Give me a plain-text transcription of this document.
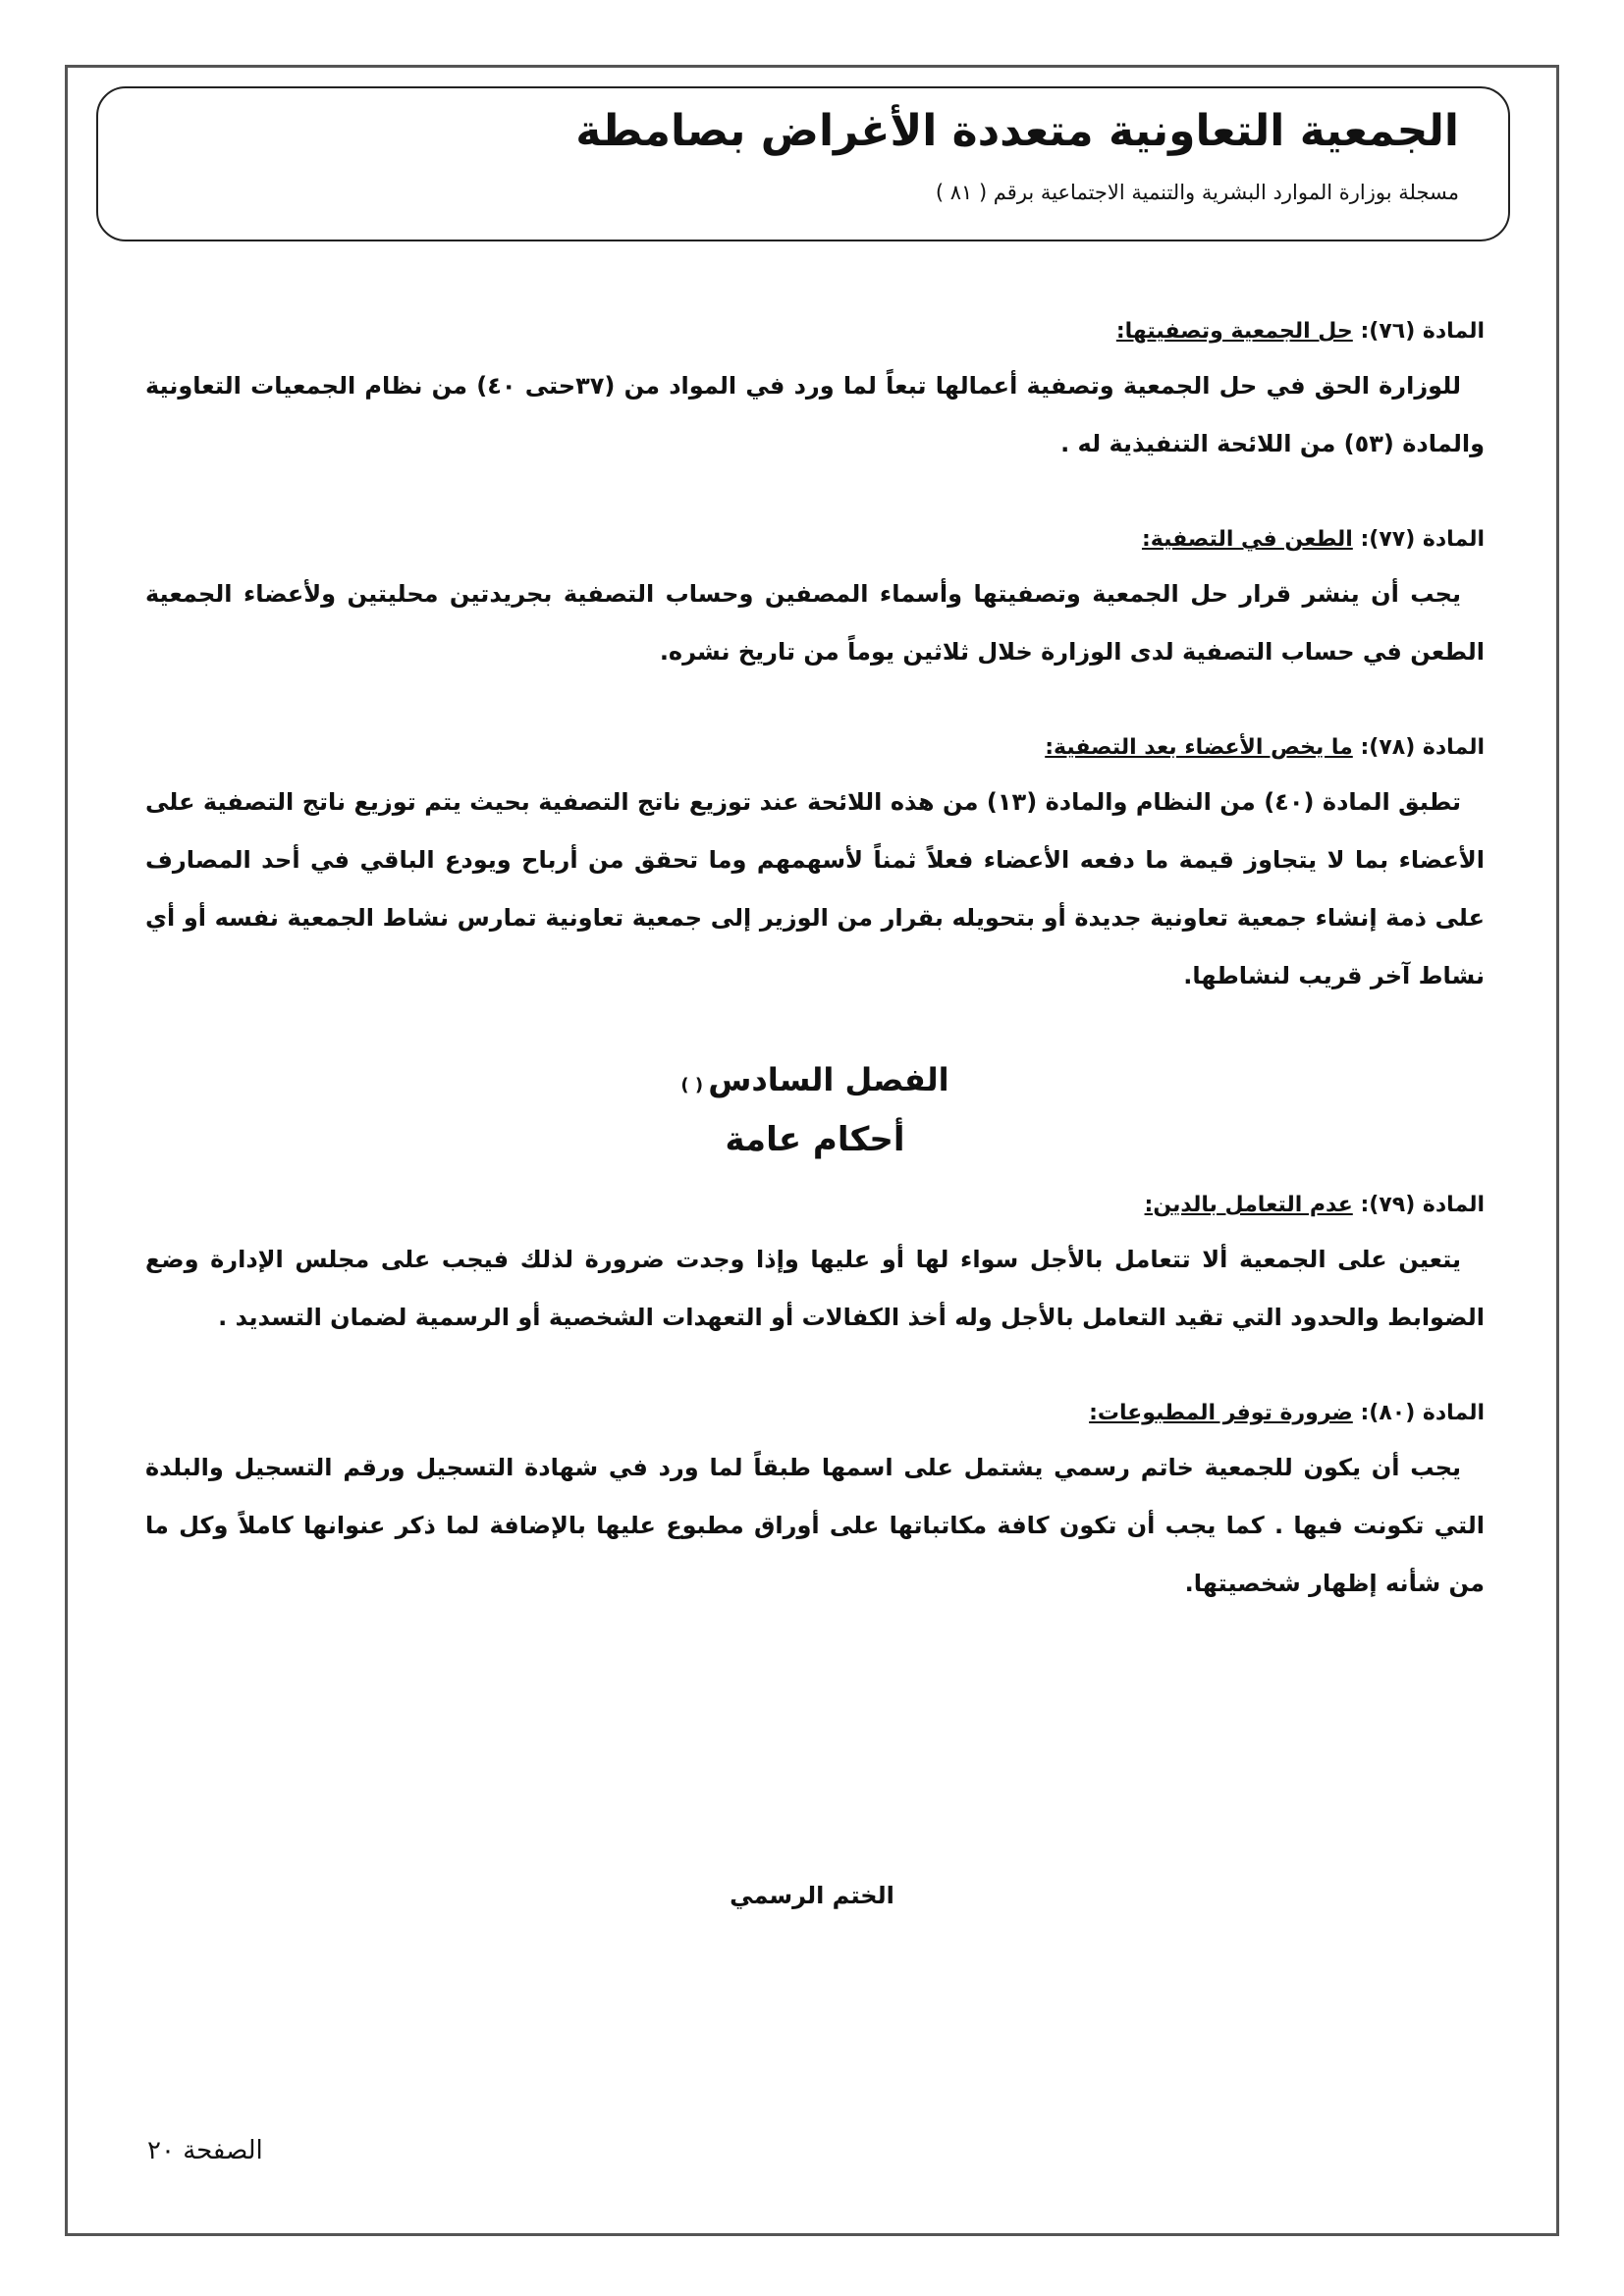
الجمعية التعاونية متعددة الأغراض بصامطة
مسجلة بوزارة الموارد البشرية والتنمية الاجتماعية برقم ( ٨١ )
المادة (٧٦): حل الجمعية وتصفيتها:

للوزارة الحق في حل الجمعية وتصفية أعمالها تبعاً لما ورد في المواد من (٣٧حتى ٤٠) من نظام الجمعيات التعاونية والمادة (٥٣) من اللائحة التنفيذية له .

المادة (٧٧): الطعن في التصفية:

يجب أن ينشر قرار حل الجمعية وتصفيتها وأسماء المصفين وحساب التصفية بجريدتين محليتين ولأعضاء الجمعية الطعن في حساب التصفية لدى الوزارة خلال ثلاثين يوماً من تاريخ نشره.

المادة (٧٨): ما يخص الأعضاء بعد التصفية:

تطبق المادة (٤٠) من النظام والمادة (١٣) من هذه اللائحة عند توزيع ناتج التصفية بحيث يتم توزيع ناتج التصفية على الأعضاء بما لا يتجاوز قيمة ما دفعه الأعضاء فعلاً ثمناً لأسهمهم وما تحقق من أرباح ويودع الباقي في أحد المصارف على ذمة إنشاء جمعية تعاونية جديدة أو بتحويله بقرار من الوزير إلى جمعية تعاونية تمارس نشاط الجمعية نفسه أو أي نشاط آخر قريب لنشاطها.

الفصل السادس ( )
أحكام عامة
المادة (٧٩): عدم التعامل بالدين:

يتعين على الجمعية ألا تتعامل بالأجل سواء لها أو عليها وإذا وجدت ضرورة لذلك فيجب على مجلس الإدارة وضع الضوابط والحدود التي تقيد التعامل بالأجل وله أخذ الكفالات أو التعهدات الشخصية أو الرسمية لضمان التسديد .

المادة (٨٠): ضرورة توفر المطبوعات:

يجب أن يكون للجمعية خاتم رسمي يشتمل على اسمها طبقاً لما ورد في شهادة التسجيل ورقم التسجيل والبلدة التي تكونت فيها . كما يجب أن تكون كافة مكاتباتها على أوراق مطبوع عليها بالإضافة لما ذكر عنوانها كاملاً وكل ما من شأنه إظهار شخصيتها.

الختم الرسمي
الصفحة ٢٠
